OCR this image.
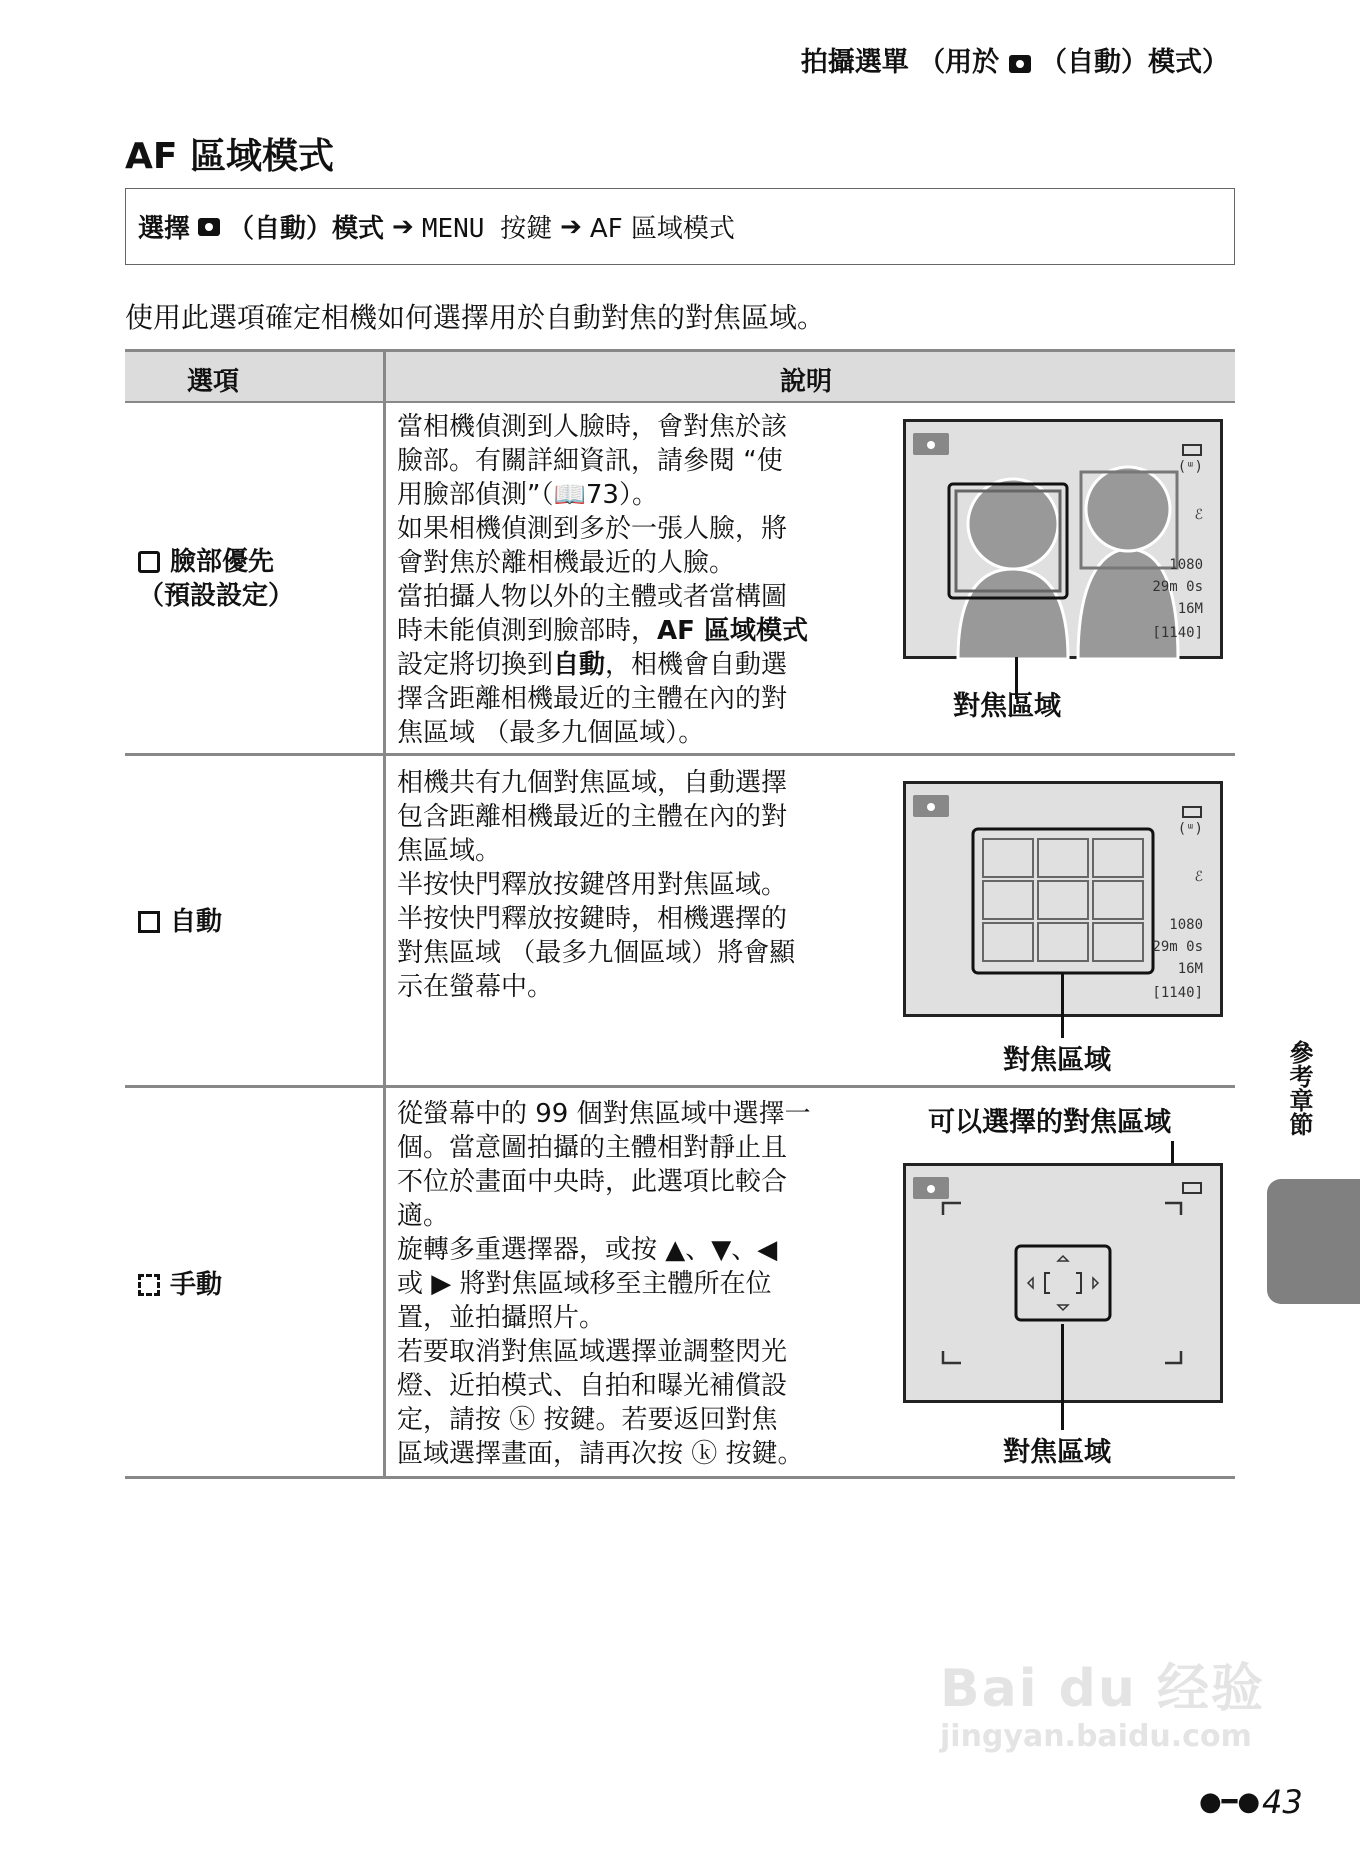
拍攝選單 （用於 （自動）模式）
AF 區域模式
選擇 （自動）模式 ➔ MENU 按鍵 ➔ AF 區域模式
使用此選項確定相機如何選擇用於自動對焦的對焦區域。
選項	說明
臉部優先
（預設設定）
自動
手動
當相機偵測到人臉時，會對焦於該
臉部。有關詳細資訊，請參閱 “使
用臉部偵測”（📖73）。
如果相機偵測到多於一張人臉，將
會對焦於離相機最近的人臉。
當拍攝人物以外的主體或者當構圖
時未能偵測到臉部時，AF 區域模式
設定將切換到自動，相機會自動選
擇含距離相機最近的主體在內的對
焦區域 （最多九個區域）。
相機共有九個對焦區域，自動選擇
包含距離相機最近的主體在內的對
焦區域。
半按快門釋放按鍵啓用對焦區域。
半按快門釋放按鍵時，相機選擇的
對焦區域 （最多九個區域）將會顯
示在螢幕中。
從螢幕中的 99 個對焦區域中選擇一
個。當意圖拍攝的主體相對靜止且
不位於畫面中央時，此選項比較合
適。
旋轉多重選擇器，或按 ▲、▼、◀
或 ▶ 將對焦區域移至主體所在位
置，並拍攝照片。
若要取消對焦區域選擇並調整閃光
燈、近拍模式、自拍和曝光補償設
定，請按 ⓚ 按鍵。若要返回對焦
區域選擇畫面，請再次按 ⓚ 按鍵。
(ᵚ)
ℰ
1080
29m 0s
16M
[1140]
對焦區域
(ᵚ)
ℰ
1080
29m 0s
16M
[1140]
對焦區域
可以選擇的對焦區域
對焦區域
參考章節
Bai du 经验
jingyan.baidu.com
●━● 43
